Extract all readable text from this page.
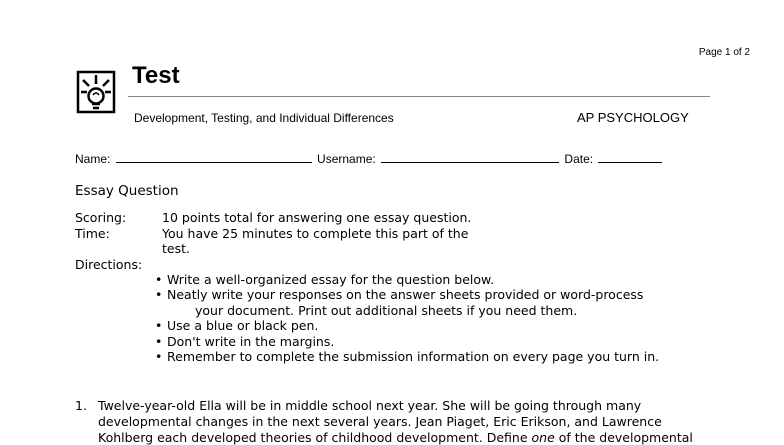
Page 1 of 2
Test
Development, Testing, and Individual Differences	AP PSYCHOLOGY
Name:	Username:	Date:
Essay Question
Scoring:	10 points total for answering one essay question.
Time:	You have 25 minutes to complete this part of the
test.
Directions:
• Write a well-organized essay for the question below.
• Neatly write your responses on the answer sheets provided or word-process
your document. Print out additional sheets if you need them.
• Use a blue or black pen.
• Don't write in the margins.
• Remember to complete the submission information on every page you turn in.
1. Twelve-year-old Ella will be in middle school next year. She will be going through many
developmental changes in the next several years. Jean Piaget, Eric Erikson, and Lawrence
Kohlberg each developed theories of childhood development. Define one of the developmental
